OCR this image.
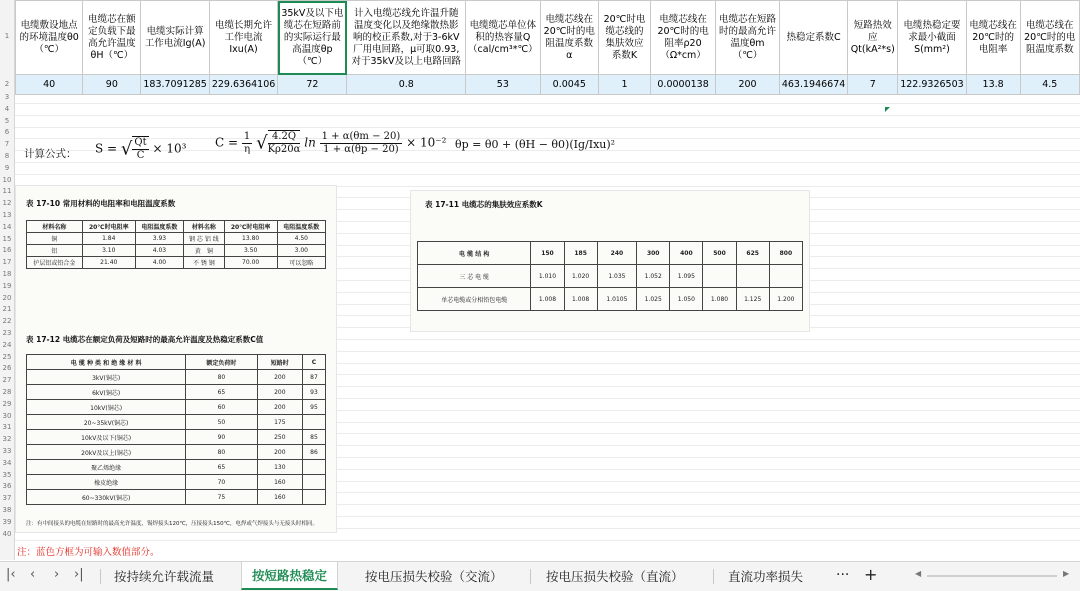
1
2
3
4
5
6
7
8
9
10
11
12
13
14
15
16
17
18
19
20
21
22
23
24
25
26
27
28
29
30
31
32
33
34
35
36
37
38
39
40
电缆敷设地点的环境温度θ0（℃）	电缆芯在额定负载下最高允许温度θH（℃）	电缆实际计算工作电流Ig(A)	电缆长期允许工作电流Ixu(A)	35kV及以下电缆芯在短路前的实际运行最高温度θp（℃）	计入电缆芯线允许温升随温度变化以及绝缘散热影响的校正系数,对于3-6kV厂用电回路，μ可取0.93,对于35kV及以上电路回路	电缆缆芯单位体积的热容量Q（cal/cm³*℃）	电缆芯线在20℃时的电阻温度系数α	20℃时电缆芯线的集肤效应系数K	电缆芯线在20℃时的电阻率ρ20（Ω*cm）	电缆芯在短路时的最高允许温度θm（℃）	热稳定系数C	短路热效应Qt(kA²*s)	电缆热稳定要求最小截面S(mm²)	电缆芯线在20℃时的电阻率	电缆芯线在20℃时的电阻温度系数
40	90	183.7091285	229.6364106	72	0.8	53	0.0045	1	0.0000138	200	463.1946674	7	122.9326503	13.8	4.5
计算公式： S = √ $\frac{Qt}{C} \times 10^3$ $C = \frac{1}{\eta}$ √ $\frac{4.2Q}{K\rho 20\alpha}$ $\ln \frac{1 + \alpha(\theta m - 20)}{1 + \alpha(\theta p - 20)} \times 10^{-2}$ θp = θ0 + (θH − θ0)(Ig/Ixu)²
表 17-10 常用材料的电阻率和电阻温度系数
材料名称	20℃时电阻率	电阻温度系数	材料名称	20℃时电阻率	电阻温度系数
铜	1.84	3.93	钢 芯 铝 线	13.80	4.50
铝	3.10	4.03	黄　铜	3.50	3.00
护层铝或铅合金	21.40	4.00	不 锈 钢	70.00	可以忽略
表 17-12 电缆芯在额定负荷及短路时的最高允许温度及热稳定系数C值
电 缆 种 类 和 绝 缘 材 料	额定负荷时	短路时	C
3kV(铜芯)	80	200	87
6kV(铜芯)	65	200	93
10kV(铜芯)	60	200	95
20~35kV(铜芯)	50	175	
10kV及以下(铜芯)	90	250	85
20kV及以上(铜芯)	80	200	86
聚乙烯绝缘	65	130	
橡皮绝缘	70	160	
60~330kV(铜芯)	75	160	
注：有中间接头的电缆在短路时的最高允许温度，锡焊接头120℃，压接接头150℃，电焊或气焊接头与无接头时相同。
表 17-11 电缆芯的集肤效应系数K
电 缆 结 构	150	185	240	300	400	500	625	800
三 芯 电 缆	1.010	1.020	1.035	1.052	1.095			
单芯电缆或分相铅包电缆	1.008	1.008	1.0105	1.025	1.050	1.080	1.125	1.200
注：蓝色方框为可输入数值部分。
|‹ ‹ › ›| 按持续允许载流量	按短路热稳定	按电压损失校验（交流）	按电压损失校验（直流）	直流功率损失 ··· +	◀	▶
